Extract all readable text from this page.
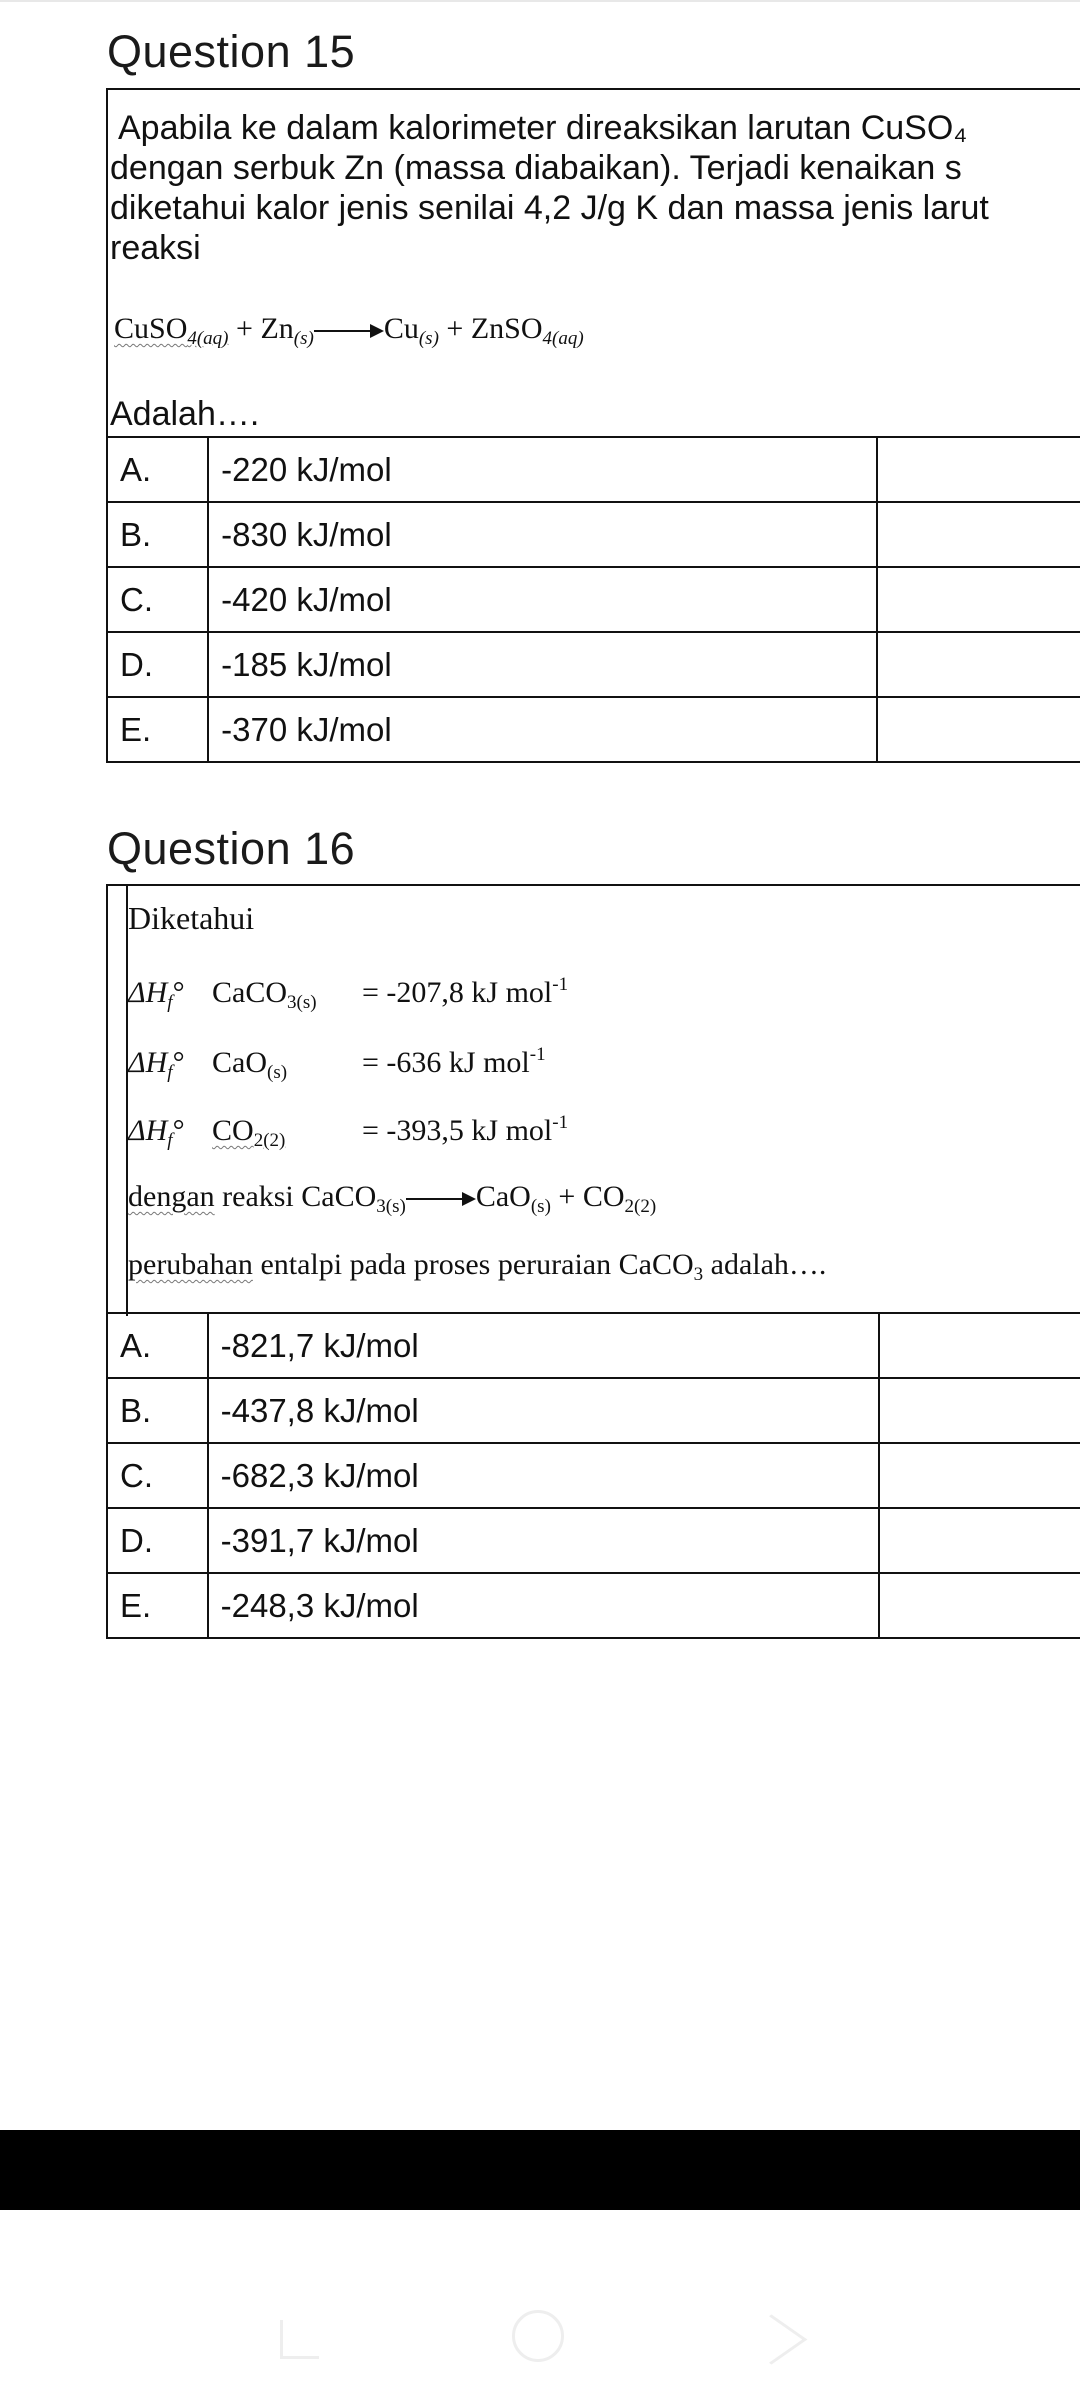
Question 15
Apabila ke dalam kalorimeter direaksikan larutan CuSO₄
dengan serbuk Zn (massa diabaikan). Terjadi kenaikan s
diketahui kalor jenis senilai 4,2 J/g K dan massa jenis larut
reaksi
CuSO$_{4(aq)}$ + $Zn_{(s)}$ $Cu_{(s)}$ + ZnSO$_{4(aq)}$
Adalah….
A.	-220 kJ/mol	
B.	-830 kJ/mol	
C.	-420 kJ/mol	
D.	-185 kJ/mol	
E.	-370 kJ/mol	
Question 16
Diketahui
$\Delta H_f^\circ$ CaCO$_{3(s)}$ = -207,8 kJ mol$^{-1}$
$\Delta H_f^\circ$ CaO$_{(s)}$ = -636 kJ mol$^{-1}$
$\Delta H_f^\circ$ $CO_{2(2)}$	= -393,5 kJ mol$^{-1}$
dengan reaksi CaCO$_{3(s)}$ $CaO_{(s)} + CO_{2(2)}$
perubahan entalpi pada proses peruraian CaCO$_3$ adalah….
A.	-821,7 kJ/mol	
B.	-437,8 kJ/mol	
C.	-682,3 kJ/mol	
D.	-391,7 kJ/mol	
E.	-248,3 kJ/mol	
